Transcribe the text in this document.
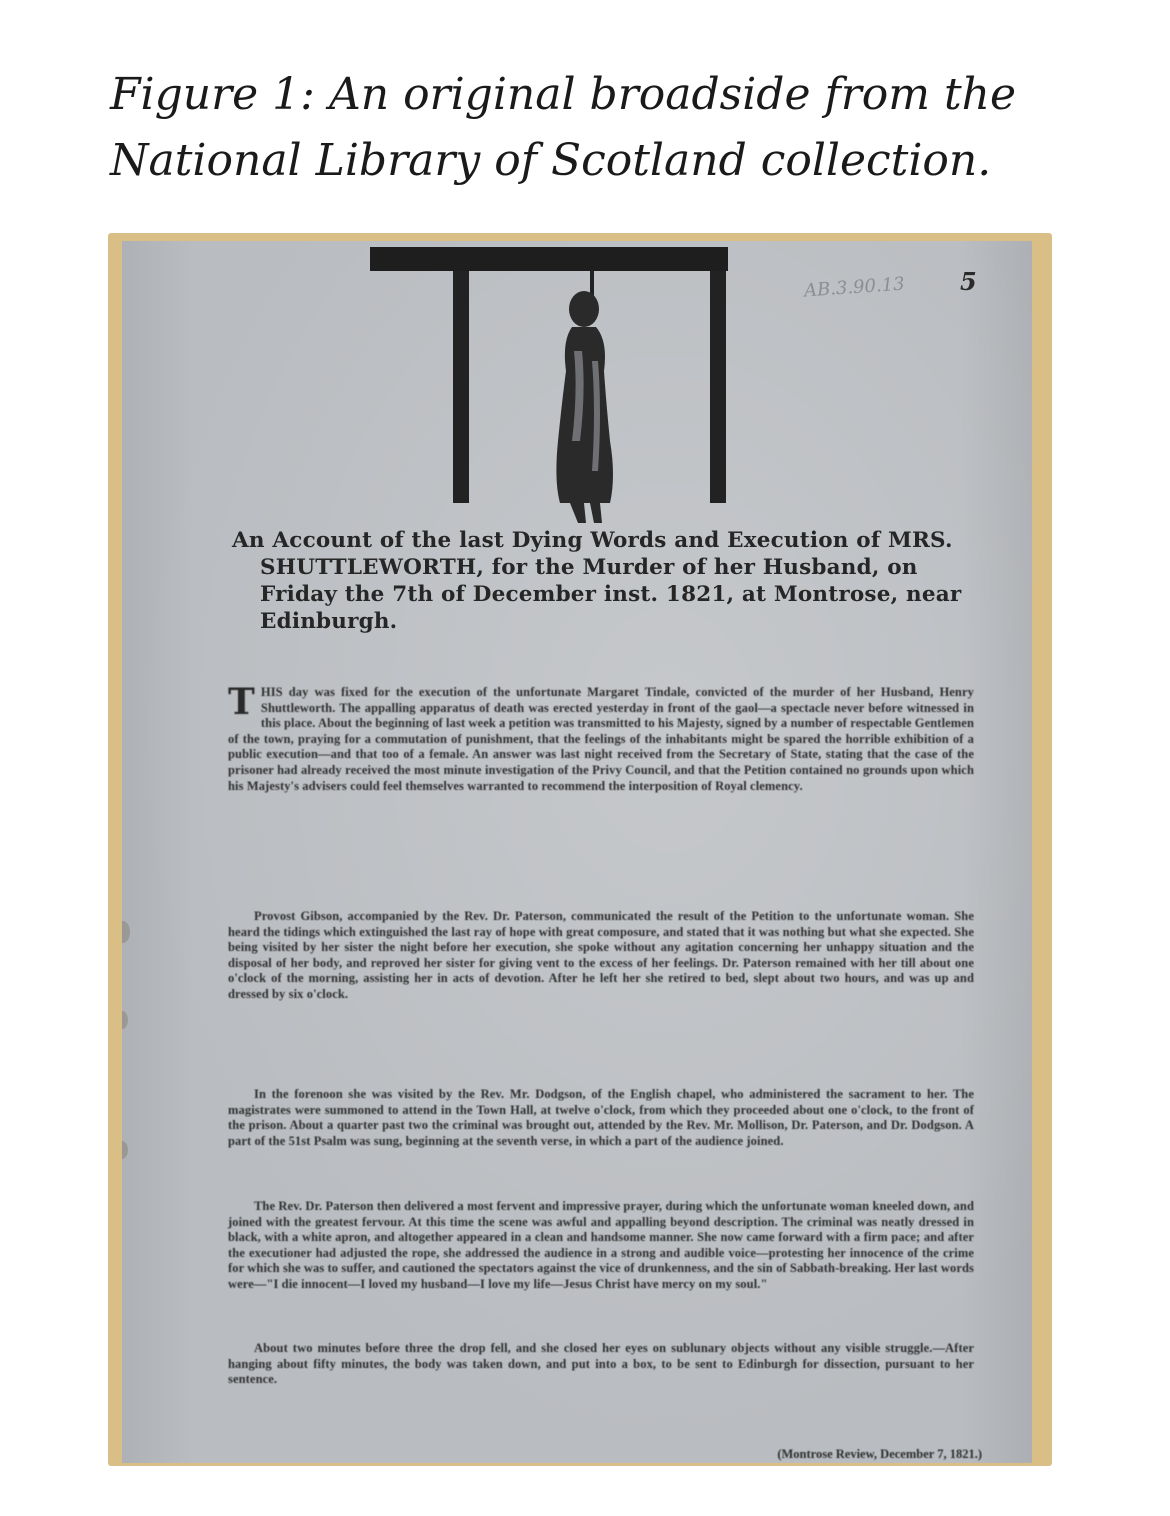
Figure 1: An original broadside from the National Library of Scotland collection.
AB.3.90.13 5
An Account of the last Dying Words and Execution of MRS. SHUTTLEWORTH, for the Murder of her Husband, on Friday the 7th of December inst. 1821, at Montrose, near Edinburgh.
T HIS day was fixed for the execution of the unfortunate Margaret Tindale, convicted of the murder of her Husband, Henry Shuttleworth. The appalling apparatus of death was erected yesterday in front of the gaol—a spectacle never before witnessed in this place. About the beginning of last week a petition was transmitted to his Majesty, signed by a number of respectable Gentlemen of the town, praying for a commutation of punishment, that the feelings of the inhabitants might be spared the horrible exhibition of a public execution—and that too of a female. An answer was last night received from the Secretary of State, stating that the case of the prisoner had already received the most minute investigation of the Privy Council, and that the Petition contained no grounds upon which his Majesty's advisers could feel themselves warranted to recommend the interposition of Royal clemency.

Provost Gibson, accompanied by the Rev. Dr. Paterson, communicated the result of the Petition to the unfortunate woman. She heard the tidings which extinguished the last ray of hope with great composure, and stated that it was nothing but what she expected. She being visited by her sister the night before her execution, she spoke without any agitation concerning her unhappy situation and the disposal of her body, and reproved her sister for giving vent to the excess of her feelings. Dr. Paterson remained with her till about one o'clock of the morning, assisting her in acts of devotion. After he left her she retired to bed, slept about two hours, and was up and dressed by six o'clock.

In the forenoon she was visited by the Rev. Mr. Dodgson, of the English chapel, who administered the sacrament to her. The magistrates were summoned to attend in the Town Hall, at twelve o'clock, from which they proceeded about one o'clock, to the front of the prison. About a quarter past two the criminal was brought out, attended by the Rev. Mr. Mollison, Dr. Paterson, and Dr. Dodgson. A part of the 51st Psalm was sung, beginning at the seventh verse, in which a part of the audience joined.

The Rev. Dr. Paterson then delivered a most fervent and impressive prayer, during which the unfortunate woman kneeled down, and joined with the greatest fervour. At this time the scene was awful and appalling beyond description. The criminal was neatly dressed in black, with a white apron, and altogether appeared in a clean and handsome manner. She now came forward with a firm pace; and after the executioner had adjusted the rope, she addressed the audience in a strong and audible voice—protesting her innocence of the crime for which she was to suffer, and cautioned the spectators against the vice of drunkenness, and the sin of Sabbath-breaking. Her last words were—"I die innocent—I loved my husband—I love my life—Jesus Christ have mercy on my soul."

About two minutes before three the drop fell, and she closed her eyes on sublunary objects without any visible struggle.—After hanging about fifty minutes, the body was taken down, and put into a box, to be sent to Edinburgh for dissection, pursuant to her sentence.

(Montrose Review, December 7, 1821.)
